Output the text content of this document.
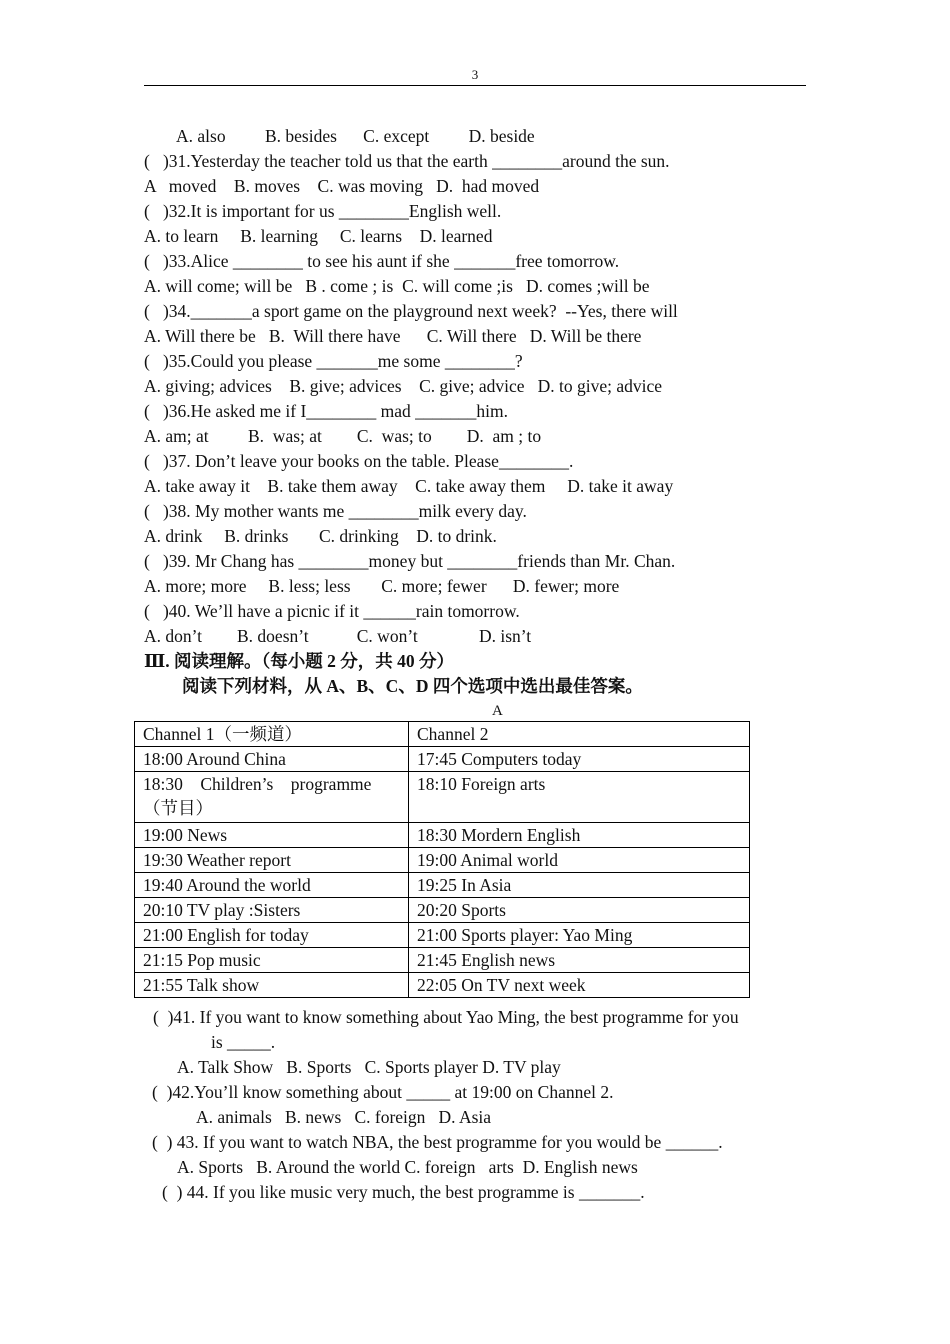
3
A. also         B. besides      C. except         D. beside
(   )31.Yesterday the teacher told us that the earth ________around the sun.
A   moved    B. moves    C. was moving   D.  had moved
(   )32.It is important for us ________English well.
A. to learn     B. learning     C. learns    D. learned
(   )33.Alice ________ to see his aunt if she _______free tomorrow.
A. will come; will be   B . come ; is  C. will come ;is   D. comes ;will be
(   )34._______a sport game on the playground next week?  --Yes, there will
A. Will there be   B.  Will there have      C. Will there   D. Will be there
(   )35.Could you please _______me some ________?
A. giving; advices    B. give; advices    C. give; advice   D. to give; advice
(   )36.He asked me if I________ mad _______him.
A. am; at         B.  was; at        C.  was; to        D.  am ; to
(   )37. Don’t leave your books on the table. Please________.
A. take away it    B. take them away    C. take away them     D. take it away
(   )38. My mother wants me ________milk every day.
A. drink     B. drinks       C. drinking    D. to drink.
(   )39. Mr Chang has ________money but ________friends than Mr. Chan.
A. more; more     B. less; less       C. more; fewer      D. fewer; more
(   )40. We’ll have a picnic if it ______rain tomorrow.
A. don’t        B. doesn’t           C. won’t              D. isn’t
Ⅲ. 阅读理解。（每小题 2 分，共 40 分）
阅读下列材料，从 A、B、C、D 四个选项中选出最佳答案。
A
Channel 1（一频道）	Channel 2
18:00 Around China	17:45 Computers today

18:30    Children’s    programme
（节目）	18:10 Foreign arts
19:00 News	18:30 Mordern English
19:30 Weather report	19:00 Animal world
19:40 Around the world	19:25 In Asia
20:10 TV play :Sisters	20:20 Sports
21:00 English for today	21:00 Sports player: Yao Ming
21:15 Pop music	21:45 English news
21:55 Talk show	22:05 On TV next week
(  )41. If you want to know something about Yao Ming, the best programme for you
is _____.
A. Talk Show   B. Sports   C. Sports player D. TV play
(  )42.You’ll know something about _____ at 19:00 on Channel 2.
A. animals   B. news   C. foreign   D. Asia
(  ) 43. If you want to watch NBA, the best programme for you would be ______.
A. Sports   B. Around the world C. foreign   arts  D. English news
(  ) 44. If you like music very much, the best programme is _______.
